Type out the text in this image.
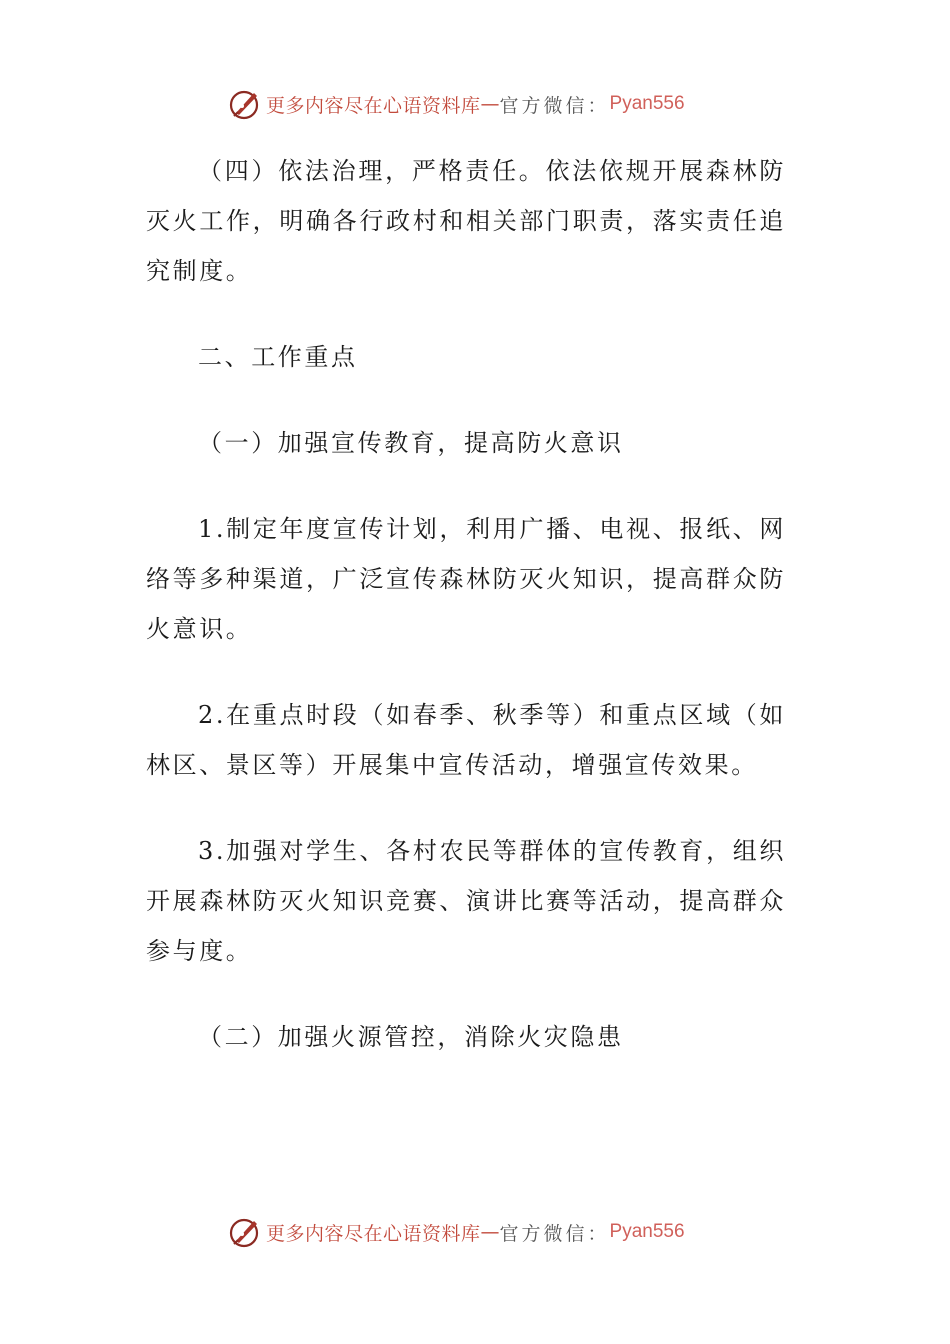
更多内容尽在心语资料库 — 官方微信： Pyan556

（四）依法治理，严格责任。依法依规开展森林防灭火工作，明确各行政村和相关部门职责，落实责任追究制度。

二、工作重点

（一）加强宣传教育，提高防火意识

1.制定年度宣传计划，利用广播、电视、报纸、网络等多种渠道，广泛宣传森林防灭火知识，提高群众防火意识。

2.在重点时段（如春季、秋季等）和重点区域（如林区、景区等）开展集中宣传活动，增强宣传效果。

3.加强对学生、各村农民等群体的宣传教育，组织开展森林防灭火知识竞赛、演讲比赛等活动，提高群众参与度。

（二）加强火源管控，消除火灾隐患

更多内容尽在心语资料库 — 官方微信： Pyan556
